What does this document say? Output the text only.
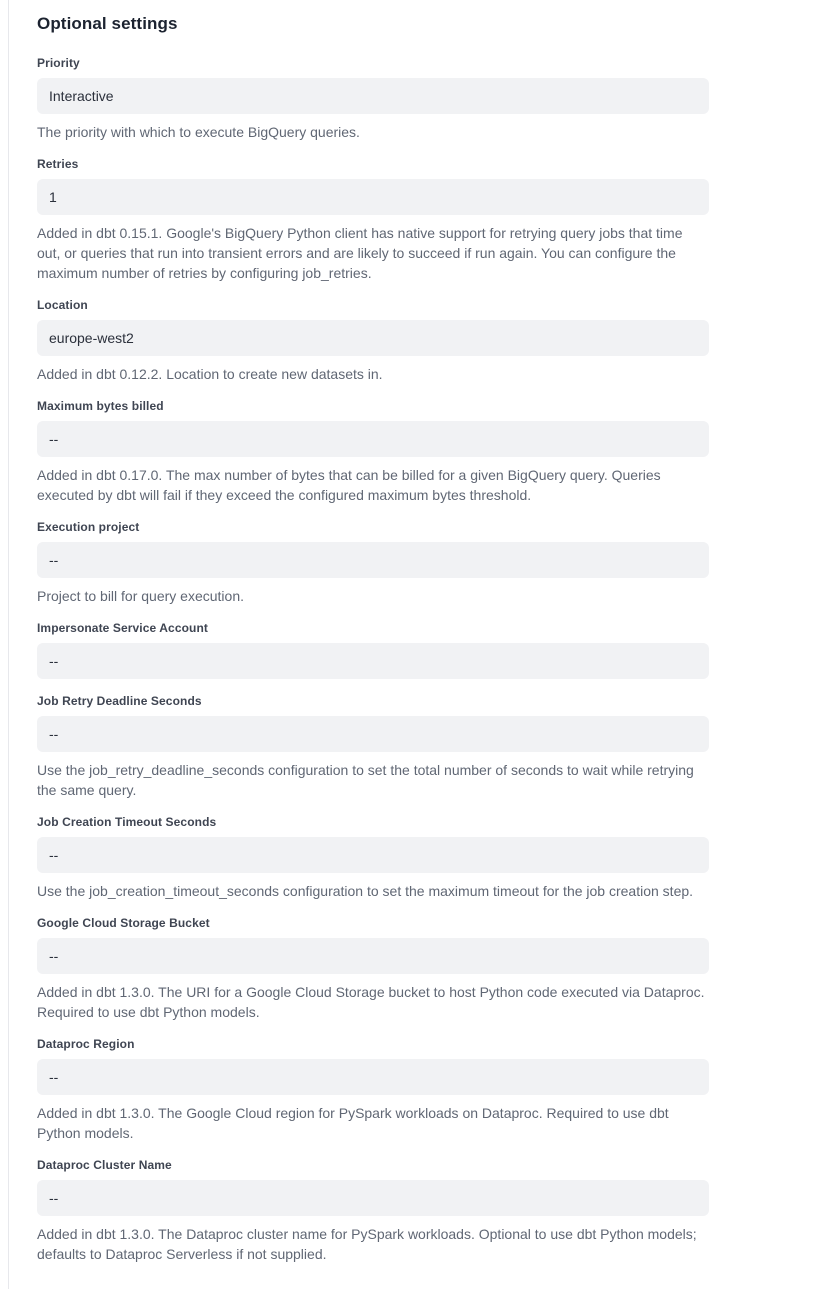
Optional settings
Priority
Interactive
The priority with which to execute BigQuery queries.
Retries
1
Added in dbt 0.15.1. Google's BigQuery Python client has native support for retrying query jobs that time out, or queries that run into transient errors and are likely to succeed if run again. You can configure the maximum number of retries by configuring job_retries.
Location
europe-west2
Added in dbt 0.12.2. Location to create new datasets in.
Maximum bytes billed
--
Added in dbt 0.17.0. The max number of bytes that can be billed for a given BigQuery query. Queries executed by dbt will fail if they exceed the configured maximum bytes threshold.
Execution project
--
Project to bill for query execution.
Impersonate Service Account
--
Job Retry Deadline Seconds
--
Use the job_retry_deadline_seconds configuration to set the total number of seconds to wait while retrying the same query.
Job Creation Timeout Seconds
--
Use the job_creation_timeout_seconds configuration to set the maximum timeout for the job creation step.
Google Cloud Storage Bucket
--
Added in dbt 1.3.0. The URI for a Google Cloud Storage bucket to host Python code executed via Dataproc. Required to use dbt Python models.
Dataproc Region
--
Added in dbt 1.3.0. The Google Cloud region for PySpark workloads on Dataproc. Required to use dbt Python models.
Dataproc Cluster Name
--
Added in dbt 1.3.0. The Dataproc cluster name for PySpark workloads. Optional to use dbt Python models; defaults to Dataproc Serverless if not supplied.
